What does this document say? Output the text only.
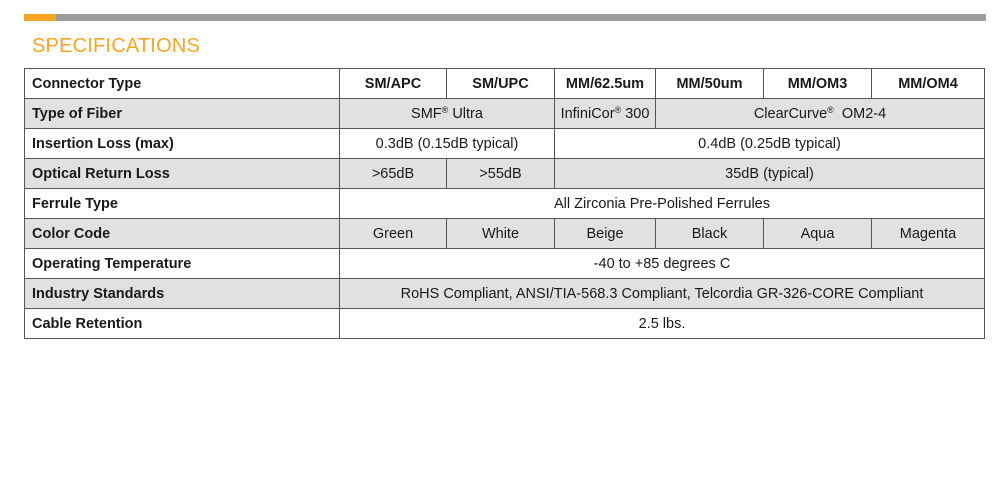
SPECIFICATIONS
Connector Type	SM/APC	SM/UPC	MM/62.5um	MM/50um	MM/OM3	MM/OM4
Type of Fiber	SMF® Ultra		InfiniCor® 300	ClearCurve®  OM2-4		
Insertion Loss (max)	0.3dB (0.15dB typical)		0.4dB (0.25dB typical)			
Optical Return Loss	>65dB	>55dB	35dB (typical)			
Ferrule Type	All Zirconia Pre-Polished Ferrules					
Color Code	Green	White	Beige	Black	Aqua	Magenta
Operating Temperature	-40 to +85 degrees C					
Industry Standards	RoHS Compliant, ANSI/TIA-568.3 Compliant, Telcordia GR-326-CORE Compliant					
Cable Retention	2.5 lbs.					
